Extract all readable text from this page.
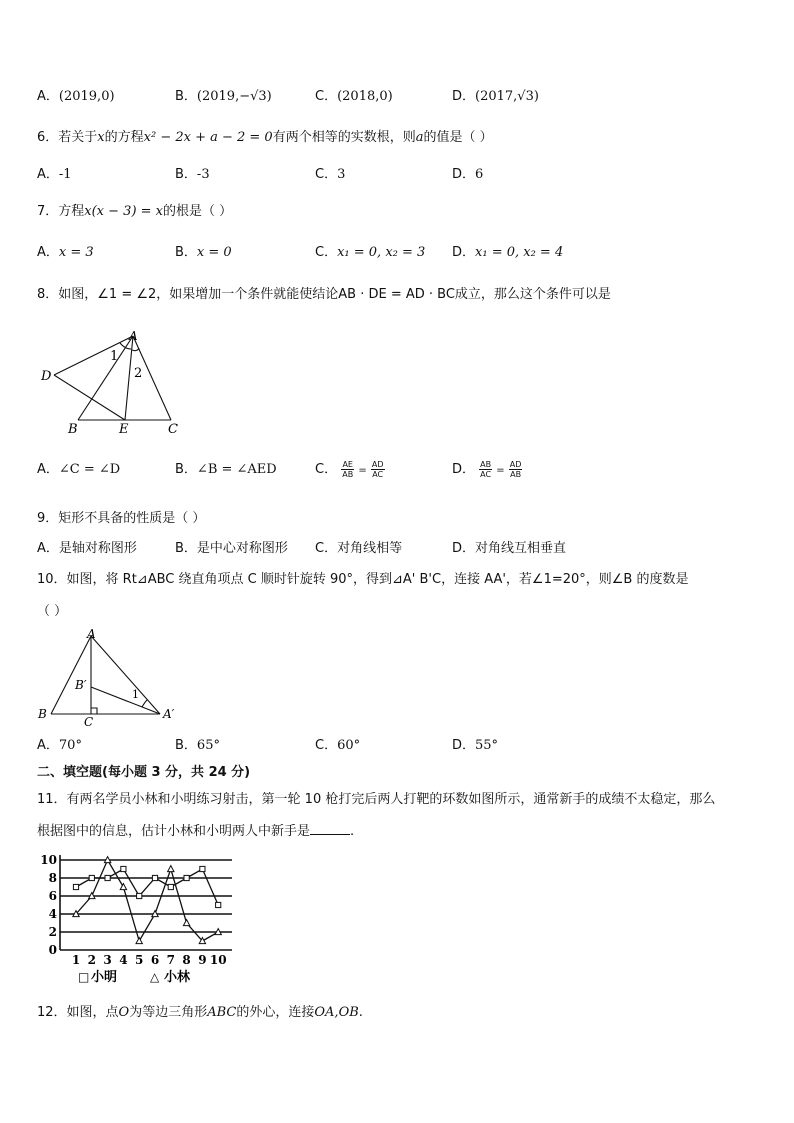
A．(2019,0)	B．(2019,−√3)	C．(2018,0)	D．(2017,√3)
6．若关于x的方程x² − 2x + a − 2 = 0有两个相等的实数根，则a的值是（ ）
A．-1	B．-3	C．3	D．6
7．方程x(x − 3) = x的根是（ ）
A．x = 3	B．x = 0	C．x₁ = 0, x₂ = 3 D．x₁ = 0, x₂ = 4
8．如图，∠1 = ∠2，如果增加一个条件就能使结论AB · DE = AD · BC成立，那么这个条件可以是
A
D
B	E	C
1
2
A．∠C = ∠D	B．∠B = ∠AED	C． $\frac{AE}{AB} = \frac{AD}{AC}$	D． $\frac{AB}{AC} = \frac{AD}{AB}$
9．矩形不具备的性质是（ ）
A．是轴对称图形	B．是中心对称图形 C．对角线相等	D．对角线互相垂直
10．如图，将 Rt⊿ABC 绕直角项点 C 顺时针旋转 90°，得到⊿A' B'C，连接 AA'，若∠1=20°，则∠B 的度数是
（ ）
A
B′
B
C
A′
1
A．70°	B．65°	C．60°	D．55°
二、填空题(每小题 3 分，共 24 分)
11．有两名学员小林和小明练习射击，第一轮 10 枪打完后两人打靶的环数如图所示，通常新手的成绩不太稳定，那么
根据图中的信息，估计小林和小明两人中新手是	.
0
2
4
6
8
10
1 2 3 4 5 6 7 8 9 10
□ 小明	△ 小林
12．如图，点O为等边三角形ABC的外心，连接OA,OB.
